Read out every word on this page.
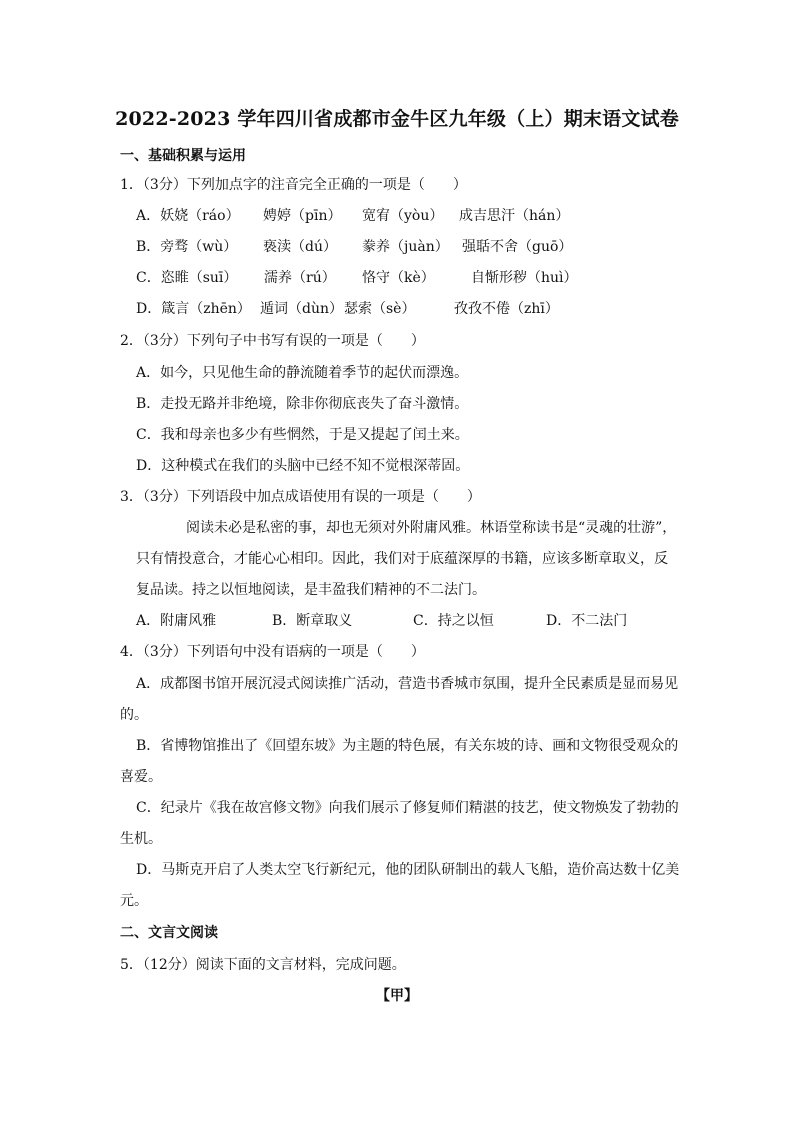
2022-2023 学年四川省成都市金牛区九年级（上）期末语文试卷
一、基础积累与运用
1．（3分）下列加点字的注音完全正确的一项是（　　）
A．妖娆（ráo） 娉婷（pīn） 宽宥（yòu） 成吉思汗（hán）
B．旁骛（wù） 亵渎（dú） 豢养（juàn） 强聒不舍（guō）
C．恣睢（suī） 濡养（rú） 恪守（kè）	自惭形秽（huì）
D．箴言（zhēn） 遁词（dùn） 瑟索（sè）	孜孜不倦（zhī）
2．（3分）下列句子中书写有误的一项是（　　）
A．如今，只见他生命的静流随着季节的起伏而漂逸。
B．走投无路并非绝境，除非你彻底丧失了奋斗激情。
C．我和母亲也多少有些惘然，于是又提起了闰土来。
D．这种模式在我们的头脑中已经不知不觉根深蒂固。
3．（3分）下列语段中加点成语使用有误的一项是（　　）
阅读未必是私密的事，却也无须对外附庸风雅。林语堂称读书是“灵魂的壮游”，
只有情投意合，才能心心相印。因此，我们对于底蕴深厚的书籍，应该多断章取义，反
复品读。持之以恒地阅读，是丰盈我们精神的不二法门。
A．附庸风雅	B．断章取义	C．持之以恒	D．不二法门
4．（3分）下列语句中没有语病的一项是（　　）
A．成都图书馆开展沉浸式阅读推广活动，营造书香城市氛围，提升全民素质是显而易见
的。
B．省博物馆推出了《回望东坡》为主题的特色展，有关东坡的诗、画和文物很受观众的
喜爱。
C．纪录片《我在故宫修文物》向我们展示了修复师们精湛的技艺，使文物焕发了勃勃的
生机。
D．马斯克开启了人类太空飞行新纪元，他的团队研制出的载人飞船，造价高达数十亿美
元。
二、文言文阅读
5．（12分）阅读下面的文言材料，完成问题。
【甲】
